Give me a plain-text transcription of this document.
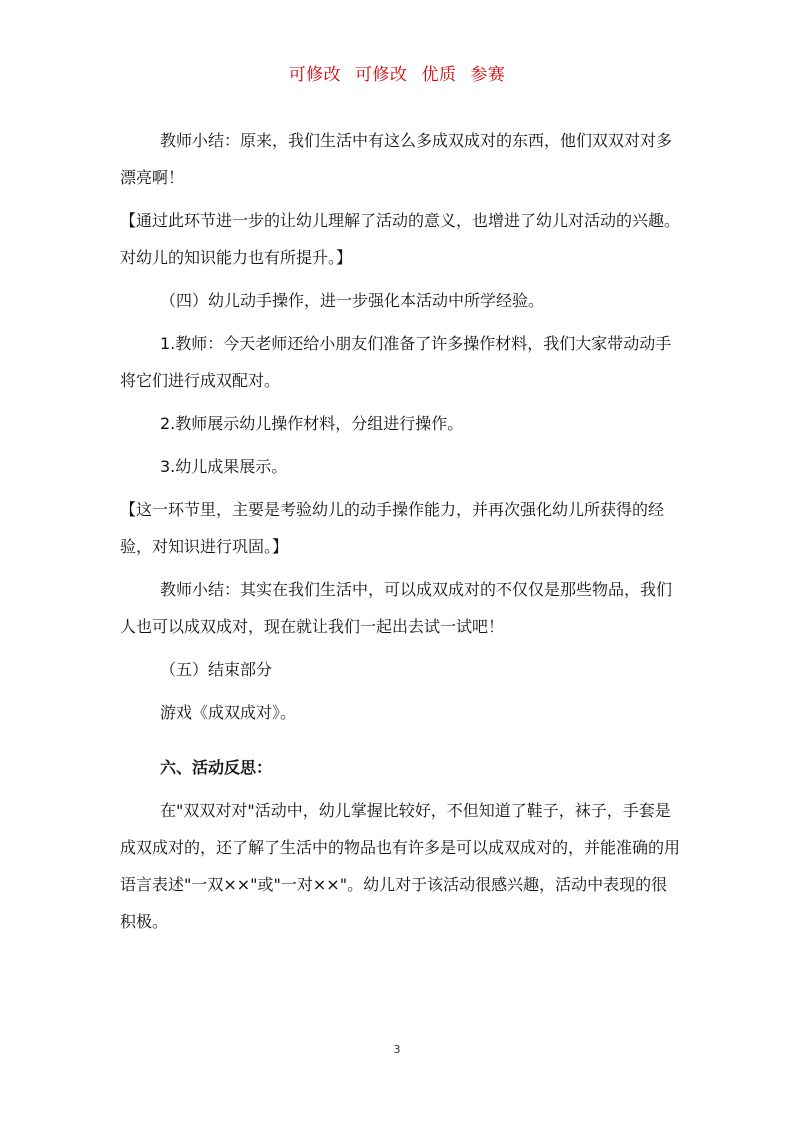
可修改 可修改 优质 参赛

教师小结：原来，我们生活中有这么多成双成对的东西，他们双双对对多漂亮啊！

【通过此环节进一步的让幼儿理解了活动的意义，也增进了幼儿对活动的兴趣。对幼儿的知识能力也有所提升。】

（四）幼儿动手操作，进一步强化本活动中所学经验。

1.教师：今天老师还给小朋友们准备了许多操作材料，我们大家带动动手将它们进行成双配对。

2.教师展示幼儿操作材料，分组进行操作。

3.幼儿成果展示。

【这一环节里，主要是考验幼儿的动手操作能力，并再次强化幼儿所获得的经验，对知识进行巩固。】

教师小结：其实在我们生活中，可以成双成对的不仅仅是那些物品，我们人也可以成双成对，现在就让我们一起出去试一试吧！

（五）结束部分

游戏《成双成对》。

六、活动反思：

在"双双对对"活动中，幼儿掌握比较好，不但知道了鞋子，袜子，手套是成双成对的，还了解了生活中的物品也有许多是可以成双成对的，并能准确的用语言表述"一双××"或"一对××"。幼儿对于该活动很感兴趣，活动中表现的很积极。

3
